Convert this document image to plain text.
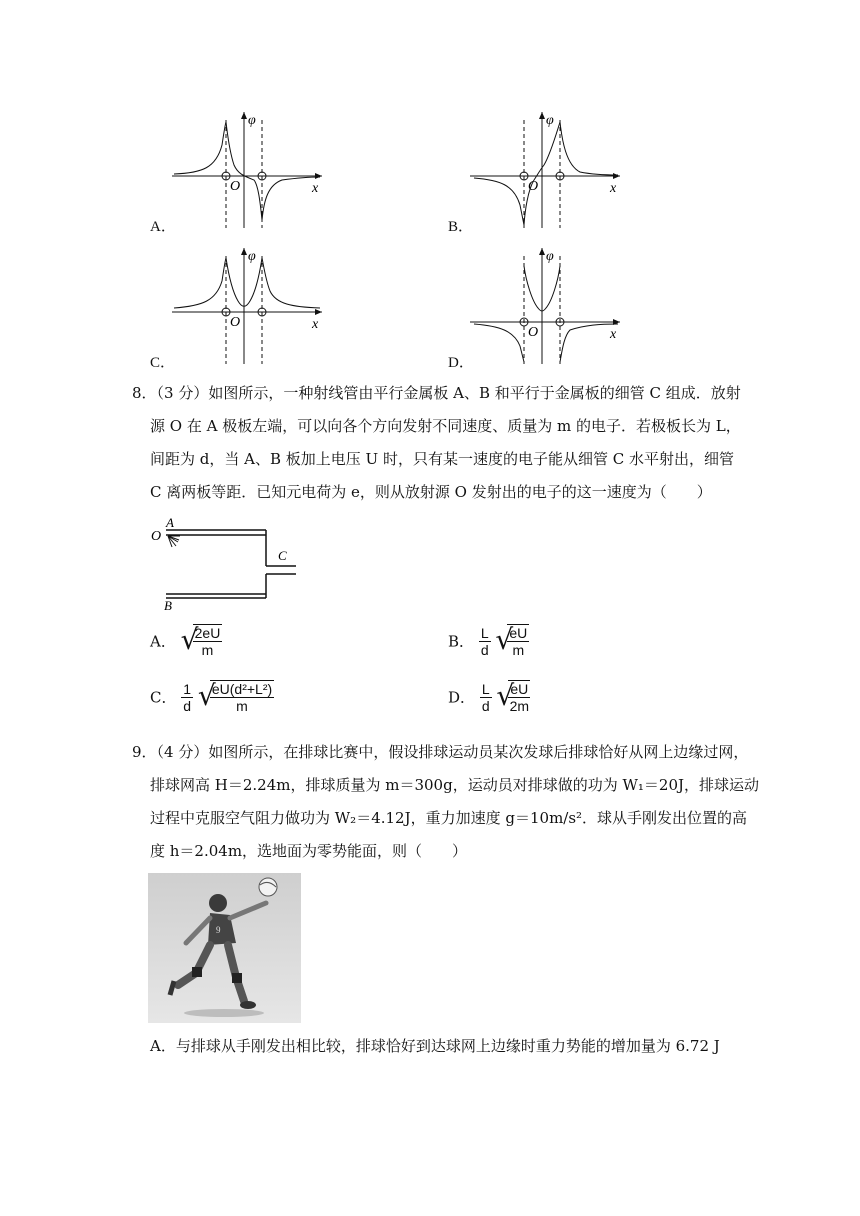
A．	B．
C．	D．
φ
x
O
φ
x
O
φ
x
O
φ
x
O
8．（3 分）如图所示，一种射线管由平行金属板 A、B 和平行于金属板的细管 C 组成．放射
源 O 在 A 极板左端，可以向各个方向发射不同速度、质量为 m 的电子．若极板长为 L，
间距为 d，当 A、B 板加上电压 U 时，只有某一速度的电子能从细管 C 水平射出，细管
C 离两板等距．已知元电荷为 e，则从放射源 O 发射出的电子的这一速度为（　　）
O
A
B
C
A． √
$\frac{2eU}{m}$	B． $\frac{L}{d}$
√
$\frac{eU}{m}$
C． $\frac{1}{d}$
√
$\frac{\text{eU(d²+L²)}}{m}$	D． $\frac{L}{d}$
√
$\frac{eU}{2m}$
9．（4 分）如图所示，在排球比赛中，假设排球运动员某次发球后排球恰好从网上边缘过网，
排球网高 H＝2.24m，排球质量为 m＝300g，运动员对排球做的功为 W₁＝20J，排球运动
过程中克服空气阻力做功为 W₂＝4.12J，重力加速度 g＝10m/s²．球从手刚发出位置的高
度 h＝2.04m，选地面为零势能面，则（　　）
9
A．与排球从手刚发出相比较，排球恰好到达球网上边缘时重力势能的增加量为 6.72 J
